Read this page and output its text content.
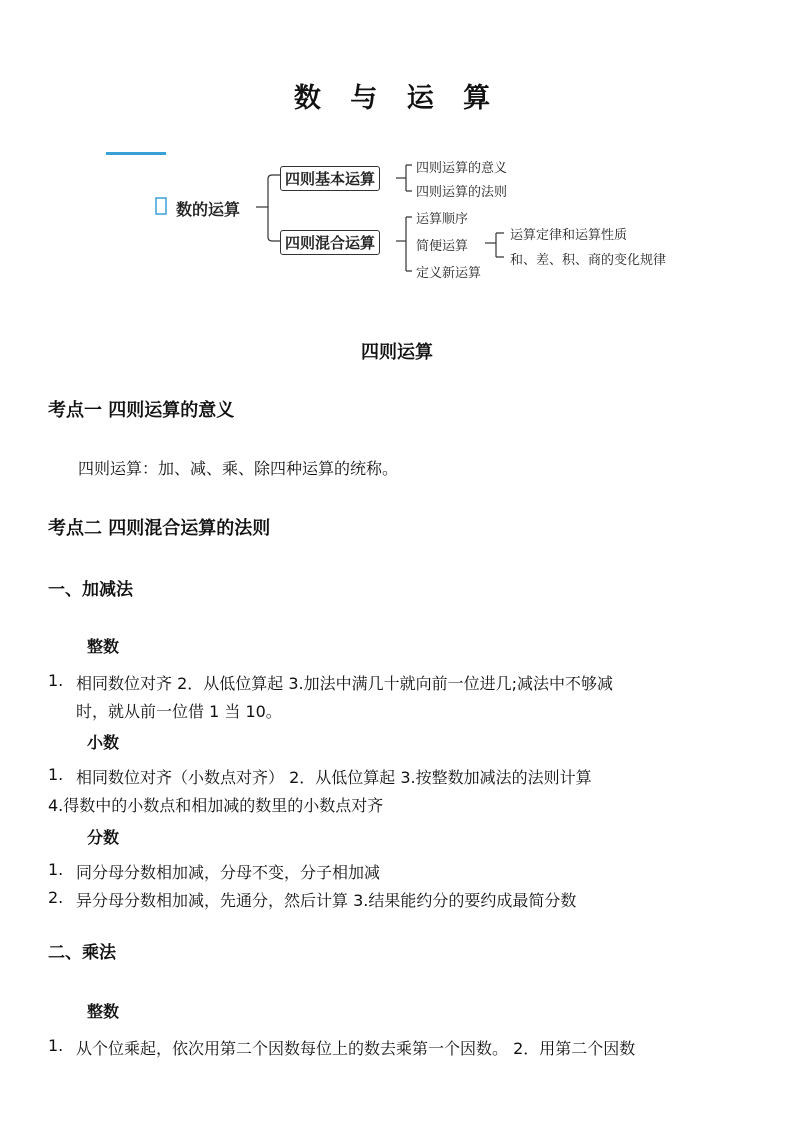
数 与 运 算
数的运算
四则基本运算
四则混合运算
四则运算的意义
四则运算的法则
运算顺序
简便运算
定义新运算
运算定律和运算性质
和、差、积、商的变化规律
四则运算
考点一 四则运算的意义
四则运算：加、减、乘、除四种运算的统称。
考点二 四则混合运算的法则
一、加减法
整数
1. 相同数位对齐 2．从低位算起 3.加法中满几十就向前一位进几;减法中不够减
时，就从前一位借 1 当 10。
小数
1. 相同数位对齐（小数点对齐） 2．从低位算起 3.按整数加减法的法则计算
4.得数中的小数点和相加减的数里的小数点对齐
分数
1. 同分母分数相加减，分母不变，分子相加减
2. 异分母分数相加减，先通分，然后计算 3.结果能约分的要约成最简分数
二、乘法
整数
1. 从个位乘起，依次用第二个因数每位上的数去乘第一个因数。 2．用第二个因数
